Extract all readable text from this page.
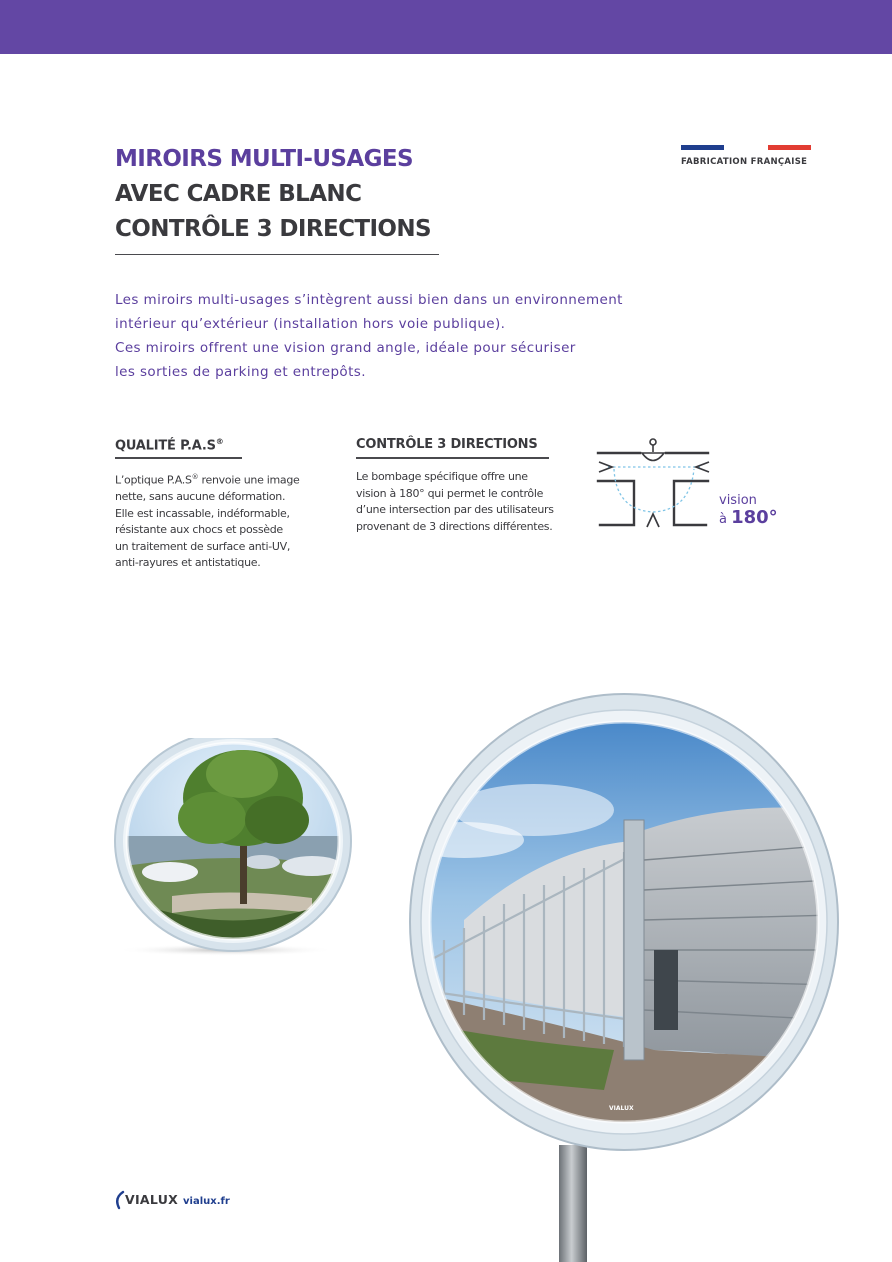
MIROIRS MULTI-USAGES
AVEC CADRE BLANC
CONTRÔLE 3 DIRECTIONS
FABRICATION FRANÇAISE
Les miroirs multi-usages s’intègrent aussi bien dans un environnement
intérieur qu’extérieur (installation hors voie publique).
Ces miroirs offrent une vision grand angle, idéale pour sécuriser
les sorties de parking et entrepôts.
QUALITÉ P.A.S®
L’optique P.A.S® renvoie une image
nette, sans aucune déformation.
Elle est incassable, indéformable,
résistante aux chocs et possède
un traitement de surface anti-UV,
anti-rayures et antistatique.
CONTRÔLE 3 DIRECTIONS
Le bombage spécifique offre une
vision à 180° qui permet le contrôle
d’une intersection par des utilisateurs
provenant de 3 directions différentes.
vision
à 180°
VIALUX
VIALUX vialux.fr
